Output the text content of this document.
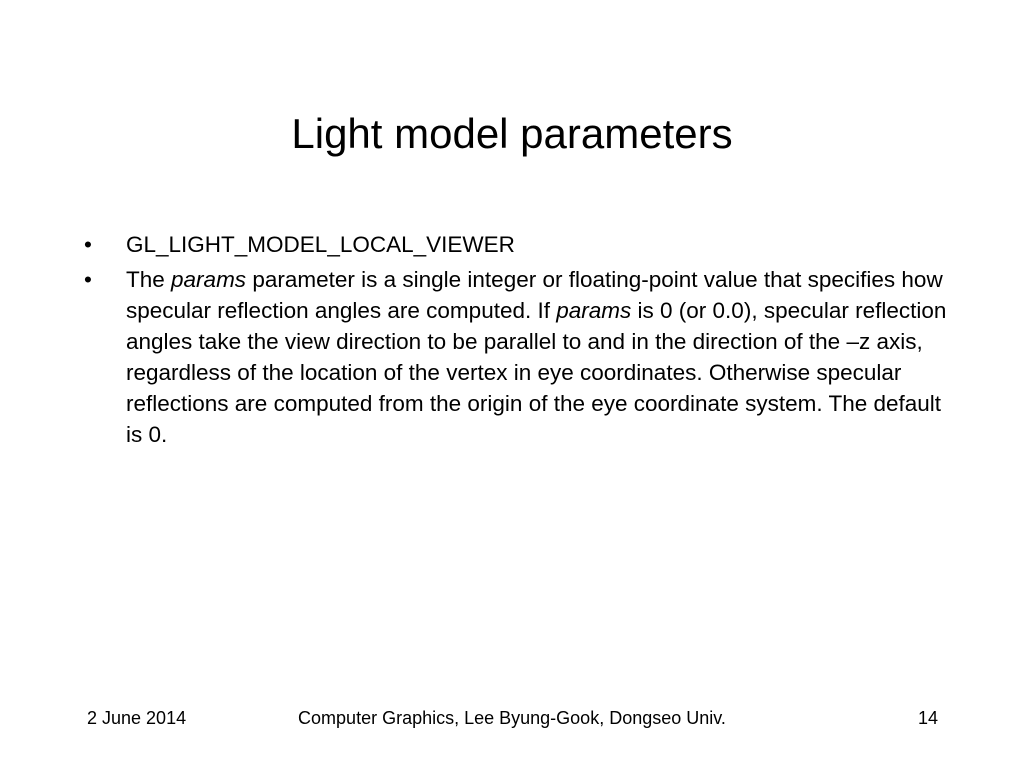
Light model parameters
•	GL_LIGHT_MODEL_LOCAL_VIEWER
•	The params parameter is a single integer or floating-point value that specifies how specular reflection angles are computed. If params is 0 (or 0.0), specular reflection angles take the view direction to be parallel to and in the direction of the –z axis, regardless of the location of the vertex in eye coordinates. Otherwise specular reflections are computed from the origin of the eye coordinate system. The default is 0.
Computer Graphics, Lee Byung-Gook, Dongseo Univ.
2 June 2014	14
